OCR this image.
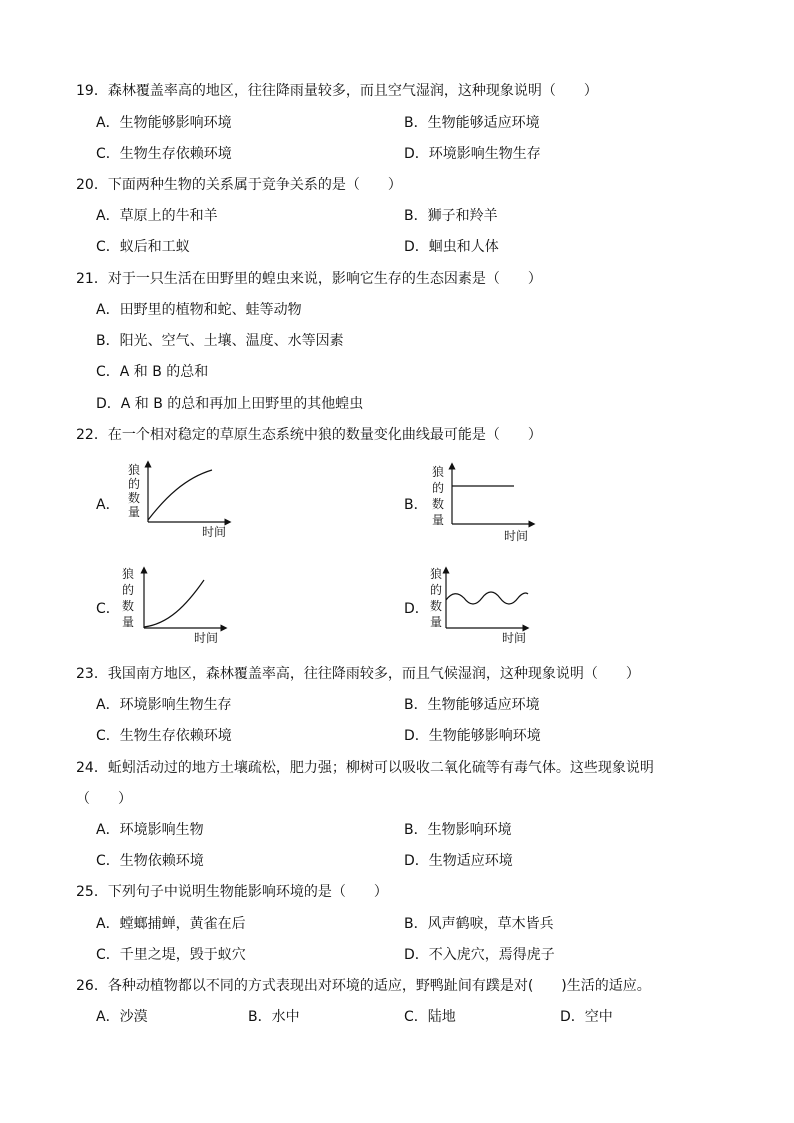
19．森林覆盖率高的地区，往往降雨量较多，而且空气湿润，这种现象说明（　　）
A．生物能够影响环境	B．生物能够适应环境
C．生物生存依赖环境	D．环境影响生物生存
20．下面两种生物的关系属于竞争关系的是（　　）
A．草原上的牛和羊	B．狮子和羚羊
C．蚁后和工蚁	D．蛔虫和人体
21．对于一只生活在田野里的蝗虫来说，影响它生存的生态因素是（　　）
A．田野里的植物和蛇、蛙等动物
B．阳光、空气、土壤、温度、水等因素
C．A 和 B 的总和
D．A 和 B 的总和再加上田野里的其他蝗虫
22．在一个相对稳定的草原生态系统中狼的数量变化曲线最可能是（　　）
A．
狼
的
数
量
时间
B．
狼
的
数
量
时间
C．
狼
的
数
量
时间
D．
狼
的
数
量
时间
23．我国南方地区，森林覆盖率高，往往降雨较多，而且气候湿润，这种现象说明（　　）
A．环境影响生物生存	B．生物能够适应环境
C．生物生存依赖环境	D．生物能够影响环境
24．蚯蚓活动过的地方土壤疏松，肥力强；柳树可以吸收二氧化硫等有毒气体。这些现象说明
（　　）
A．环境影响生物	B．生物影响环境
C．生物依赖环境	D．生物适应环境
25．下列句子中说明生物能影响环境的是（　　）
A．螳螂捕蝉，黄雀在后	B．风声鹤唳，草木皆兵
C．千里之堤，毁于蚁穴	D．不入虎穴，焉得虎子
26．各种动植物都以不同的方式表现出对环境的适应，野鸭趾间有蹼是对(　　)生活的适应。
A．沙漠	B．水中	C．陆地	D．空中
